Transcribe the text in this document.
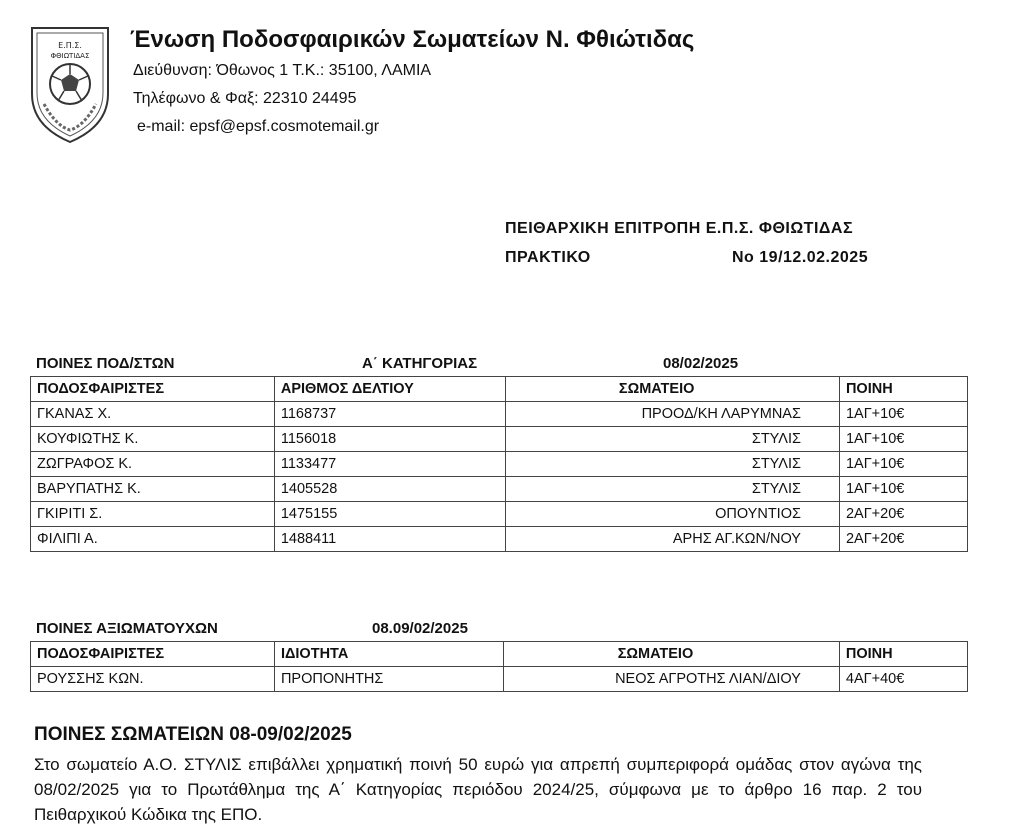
Ε.Π.Σ.
ΦΘΙΩΤΙΔΑΣ
Ένωση Ποδοσφαιρικών Σωματείων Ν. Φθιώτιδας
Διεύθυνση: Όθωνος 1 Τ.Κ.: 35100, ΛΑΜΙΑ
Τηλέφωνο & Φαξ: 22310 24495
e-mail: epsf@epsf.cosmotemail.gr
ΠΕΙΘΑΡΧΙΚΗ ΕΠΙΤΡΟΠΗ Ε.Π.Σ. ΦΘΙΩΤΙΔΑΣ
ΠΡΑΚΤΙΚΟ	Νο 19/12.02.2025
ΠΟΙΝΕΣ ΠΟΔ/ΣΤΩΝ	Α΄ ΚΑΤΗΓΟΡΙΑΣ	08/02/2025
ΠΟΔΟΣΦΑΙΡΙΣΤΕΣ	ΑΡΙΘΜΟΣ ΔΕΛΤΙΟΥ	ΣΩΜΑΤΕΙΟ	ΠΟΙΝΗ
ΓΚΑΝΑΣ Χ.	1168737	ΠΡΟΟΔ/ΚΗ ΛΑΡΥΜΝΑΣ	1ΑΓ+10€
ΚΟΥΦΙΩΤΗΣ Κ.	1156018	ΣΤΥΛΙΣ	1ΑΓ+10€
ΖΩΓΡΑΦΟΣ Κ.	1133477	ΣΤΥΛΙΣ	1ΑΓ+10€
ΒΑΡΥΠΑΤΗΣ Κ.	1405528	ΣΤΥΛΙΣ	1ΑΓ+10€
ΓΚΙΡΙΤΙ Σ.	1475155	ΟΠΟΥΝΤΙΟΣ	2ΑΓ+20€
ΦΙΛΙΠΙ Α.	1488411	ΑΡΗΣ ΑΓ.ΚΩΝ/ΝΟΥ	2ΑΓ+20€
ΠΟΙΝΕΣ ΑΞΙΩΜΑΤΟΥΧΩΝ	08.09/02/2025
ΠΟΔΟΣΦΑΙΡΙΣΤΕΣ	ΙΔΙΟΤΗΤΑ	ΣΩΜΑΤΕΙΟ	ΠΟΙΝΗ
ΡΟΥΣΣΗΣ ΚΩΝ.	ΠΡΟΠΟΝΗΤΗΣ	ΝΕΟΣ ΑΓΡΟΤΗΣ ΛΙΑΝ/ΔΙΟΥ	4ΑΓ+40€
ΠΟΙΝΕΣ ΣΩΜΑΤΕΙΩΝ 08-09/02/2025
Στο σωματείο Α.Ο. ΣΤΥΛΙΣ επιβάλλει χρηματική ποινή 50 ευρώ για απρεπή συμπεριφορά ομάδας στον αγώνα της 08/02/2025 για το Πρωτάθλημα της Α΄ Κατηγορίας περιόδου 2024/25, σύμφωνα με το άρθρο 16 παρ. 2 του Πειθαρχικού Κώδικα της ΕΠΟ.
